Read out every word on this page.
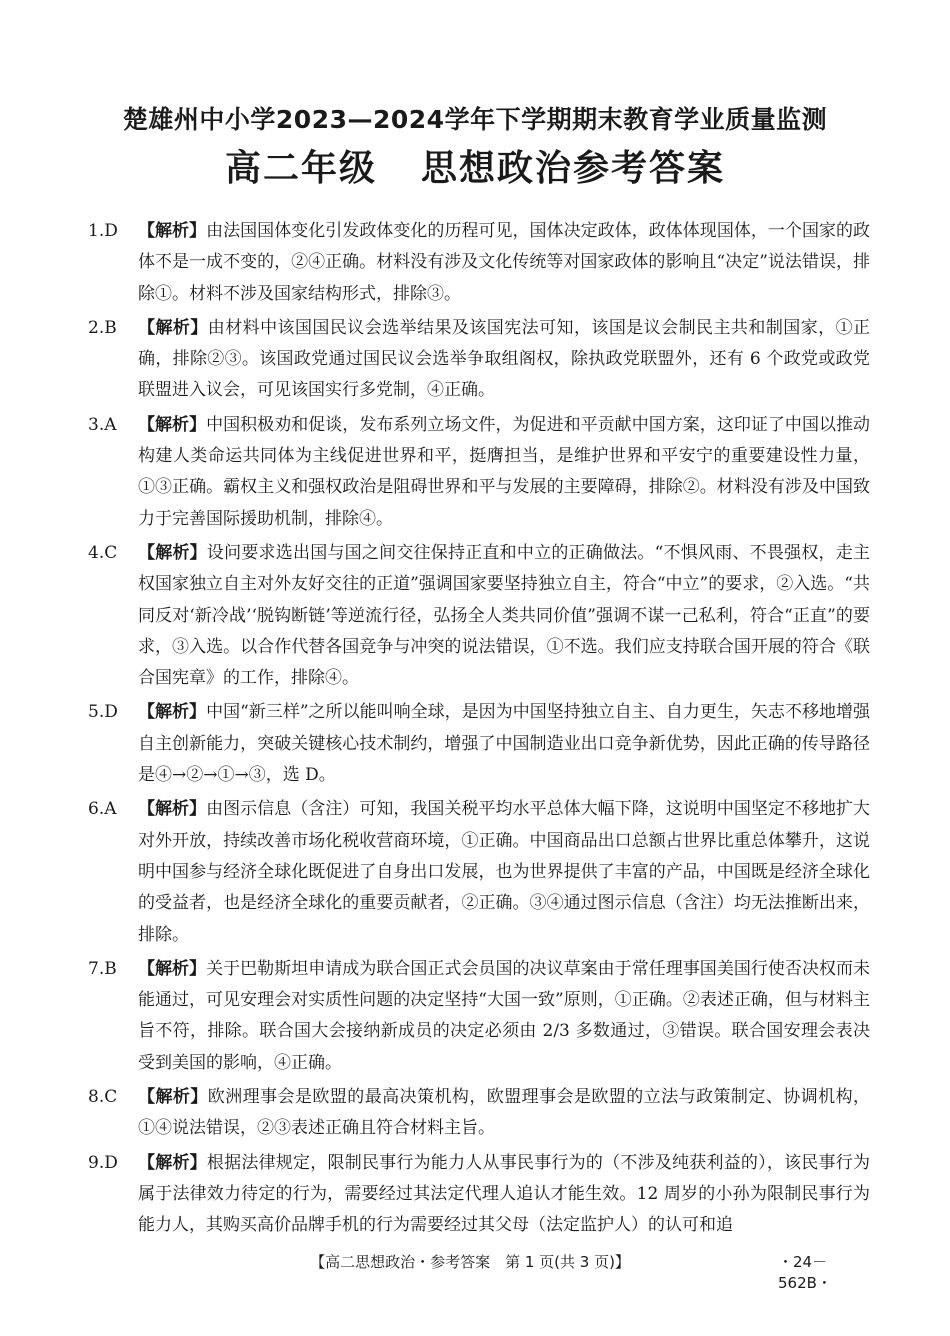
楚雄州中小学2023—2024学年下学期期末教育学业质量监测
高二年级 思想政治参考答案
1.D	【解析】由法国国体变化引发政体变化的历程可见，国体决定政体，政体体现国体，一个国家的政体不是一成不变的，②④正确。材料没有涉及文化传统等对国家政体的影响且“决定”说法错误，排除①。材料不涉及国家结构形式，排除③。
2.B	【解析】由材料中该国国民议会选举结果及该国宪法可知，该国是议会制民主共和制国家，①正确，排除②③。该国政党通过国民议会选举争取组阁权，除执政党联盟外，还有 6 个政党或政党联盟进入议会，可见该国实行多党制，④正确。
3.A	【解析】中国积极劝和促谈，发布系列立场文件，为促进和平贡献中国方案，这印证了中国以推动构建人类命运共同体为主线促进世界和平，挺膺担当，是维护世界和平安宁的重要建设性力量，①③正确。霸权主义和强权政治是阻碍世界和平与发展的主要障碍，排除②。材料没有涉及中国致力于完善国际援助机制，排除④。
4.C	【解析】设问要求选出国与国之间交往保持正直和中立的正确做法。“不惧风雨、不畏强权，走主权国家独立自主对外友好交往的正道”强调国家要坚持独立自主，符合“中立”的要求，②入选。“共同反对‘新冷战’‘脱钩断链’等逆流行径，弘扬全人类共同价值”强调不谋一己私利，符合“正直”的要求，③入选。以合作代替各国竞争与冲突的说法错误，①不选。我们应支持联合国开展的符合《联合国宪章》的工作，排除④。
5.D	【解析】中国“新三样”之所以能叫响全球，是因为中国坚持独立自主、自力更生，矢志不移地增强自主创新能力，突破关键核心技术制约，增强了中国制造业出口竞争新优势，因此正确的传导路径是④→②→①→③，选 D。
6.A	【解析】由图示信息（含注）可知，我国关税平均水平总体大幅下降，这说明中国坚定不移地扩大对外开放，持续改善市场化税收营商环境，①正确。中国商品出口总额占世界比重总体攀升，这说明中国参与经济全球化既促进了自身出口发展，也为世界提供了丰富的产品，中国既是经济全球化的受益者，也是经济全球化的重要贡献者，②正确。③④通过图示信息（含注）均无法推断出来，排除。
7.B	【解析】关于巴勒斯坦申请成为联合国正式会员国的决议草案由于常任理事国美国行使否决权而未能通过，可见安理会对实质性问题的决定坚持“大国一致”原则，①正确。②表述正确，但与材料主旨不符，排除。联合国大会接纳新成员的决定必须由 2/3 多数通过，③错误。联合国安理会表决受到美国的影响，④正确。
8.C	【解析】欧洲理事会是欧盟的最高决策机构，欧盟理事会是欧盟的立法与政策制定、协调机构，①④说法错误，②③表述正确且符合材料主旨。
9.D	【解析】根据法律规定，限制民事行为能力人从事民事行为的（不涉及纯获利益的），该民事行为属于法律效力待定的行为，需要经过其法定代理人追认才能生效。12 周岁的小孙为限制民事行为能力人，其购买高价品牌手机的行为需要经过其父母（法定监护人）的认可和追
【高二思想政治・参考答案　第 1 页(共 3 页)】	・24－562B・
